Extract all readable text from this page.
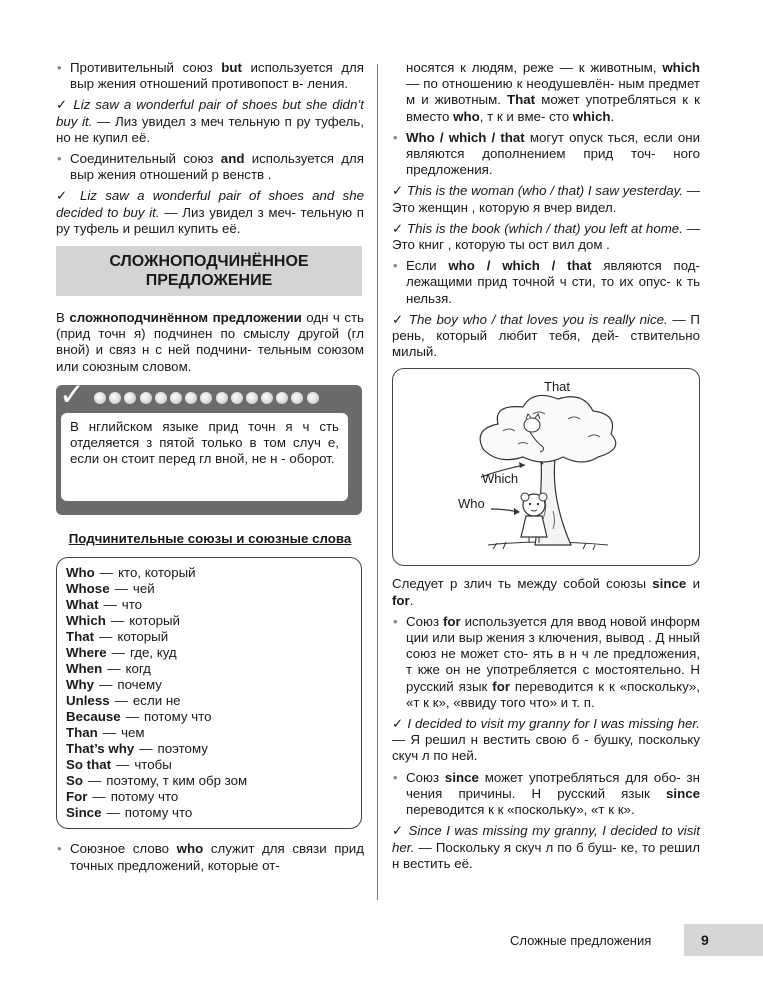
• Противительный союз but используется для выр жения отношений противопост в- ления.
✓ Liz saw a wonderful pair of shoes but she didn’t buy it. — Лиз увидел з меч тельную п ру туфель, но не купил её.
• Соединительный союз and используется для выр жения отношений р венств .
✓ Liz saw a wonderful pair of shoes and she decided to buy it. — Лиз увидел з меч- тельную п ру туфель и решил купить её.
СЛОЖНОПОДЧИНЁННОЕ ПРЕДЛОЖЕНИЕ
В сложноподчинённом предложении одн ч сть (прид точн я) подчинен по смыслу другой (гл вной) и связ н с ней подчини- тельным союзом или союзным словом.
✓
В нглийском языке прид точн я ч сть отделяется з пятой только в том случ е, если он стоит перед гл вной, не н - оборот.
Подчинительные союзы и союзные слова
Who — кто, который
Whose — чей
What — что
Which — который
That — который
Where — где, куд
When — когд
Why — почему
Unless — если не
Because — потому что
Than — чем
That’s why — поэтому
So that — чтобы
So — поэтому, т ким обр зом
For — потому что
Since — потому что
• Союзное слово who служит для связи прид точных предложений, которые от-
носятся к людям, реже — к животным, which — по отношению к неодушевлён- ным предмет м и животным. That может употребляться к к вместо who, т к и вме- сто which.
• Who / which / that могут опуск ться, если они являются дополнением прид точ- ного предложения.
✓ This is the woman (who / that) I saw yesterday. — Это женщин , которую я вчер видел.
✓ This is the book (which / that) you left at home. — Это книг , которую ты ост вил дом .
• Если who / which / that являются под- лежащими прид точной ч сти, то их опус- к ть нельзя.
✓ The boy who / that loves you is really nice. — П рень, который любит тебя, дей- ствительно милый.
That
Which
Who
Следует р злич ть между собой союзы since и for.
• Союз for используется для ввод новой информ ции или выр жения з ключения, вывод . Д нный союз не может сто- ять в н ч ле предложения, т кже он не употребляется с мостоятельно. Н русский язык for переводится к к «поскольку», «т к к», «ввиду того что» и т. п.
✓ I decided to visit my granny for I was missing her. — Я решил н вестить свою б - бушку, поскольку скуч л по ней.
• Союз since может употребляться для обо- зн чения причины. Н русский язык since переводится к к «поскольку», «т к к».
✓ Since I was missing my granny, I decided to visit her. — Поскольку я скуч л по б буш- ке, то решил н вестить её.
Сложные предложения	9
